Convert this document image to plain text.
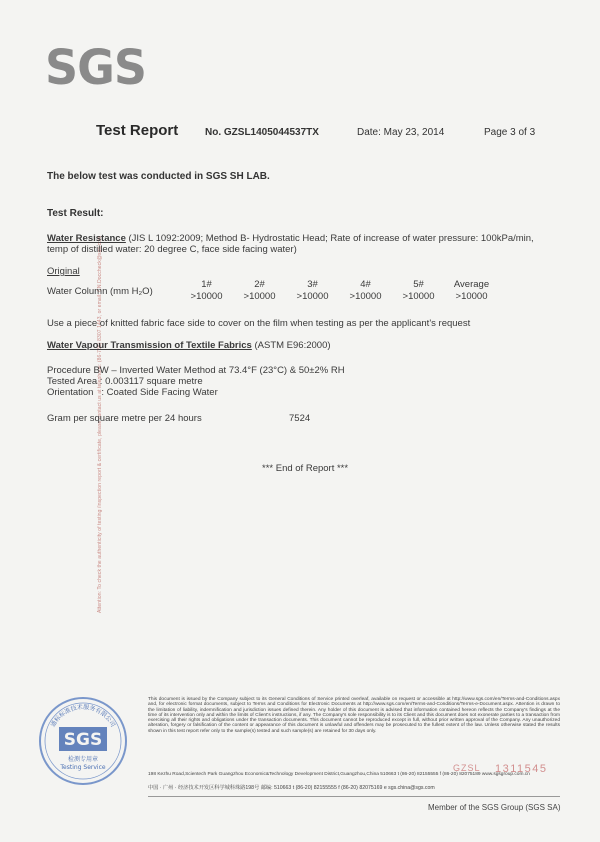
SGS
Attention: To check the authenticity of testing /inspection report & certificate, please contact us at telephone: (86-755) 8307 1443, or email: CN.Doccheck@sgs.com
Test Report	No. GZSL1405044537TX	Date: May 23, 2014	Page 3 of 3
The below test was conducted in SGS SH LAB.
Test Result:
Water Resistance (JIS L 1092:2009; Method B- Hydrostatic Head; Rate of increase of water pressure: 100kPa/min, temp of distilled water: 20 degree C, face side facing water)
Original
Water Column (mm H₂O)	1#	2#	3#	4#	5#	Average
	>10000	>10000	>10000	>10000	>10000	>10000
Use a piece of knitted fabric face side to cover on the film when testing as per the applicant's request
Water Vapour Transmission of Textile Fabrics (ASTM E96:2000)
Procedure BW – Inverted Water Method at 73.4°F (23°C) & 50±2% RH
Tested Area : 0.003117 square metre
Orientation   : Coated Side Facing Water
Gram per square metre per 24 hours	7524
*** End of Report ***
通标标准技术服务有限公司
SGS
检测专用章
Testing Service
This document is issued by the Company subject to its General Conditions of Service printed overleaf, available on request or accessible at http://www.sgs.com/en/Terms-and-Conditions.aspx and, for electronic format documents, subject to Terms and Conditions for Electronic Documents at http://www.sgs.com/en/Terms-and-Conditions/Terms-e-Document.aspx. Attention is drawn to the limitation of liability, indemnification and jurisdiction issues defined therein. Any holder of this document is advised that information contained hereon reflects the Company's findings at the time of its intervention only and within the limits of Client's instructions, if any. The Company's sole responsibility is to its Client and this document does not exonerate parties to a transaction from exercising all their rights and obligations under the transaction documents. This document cannot be reproduced except in full, without prior written approval of the Company. Any unauthorized alteration, forgery or falsification of the content or appearance of this document is unlawful and offenders may be prosecuted to the fullest extent of the law. Unless otherwise stated the results shown in this test report refer only to the sample(s) tested and such sample(s) are retained for 30 days only.
GZSL 1311545
198 Kezhu Road,Scientech Park Guangzhou Economic&Technology Development District,Guangzhou,China 510663 t (86-20) 82155555 f (86-20) 82075189 www.sgsgroup.com.cn
中国 · 广州 · 经济技术开发区科学城科珠路198号 邮编: 510663 t (86-20) 82155555 f (86-20) 82075169 e sgs.china@sgs.com
Member of the SGS Group (SGS SA)
